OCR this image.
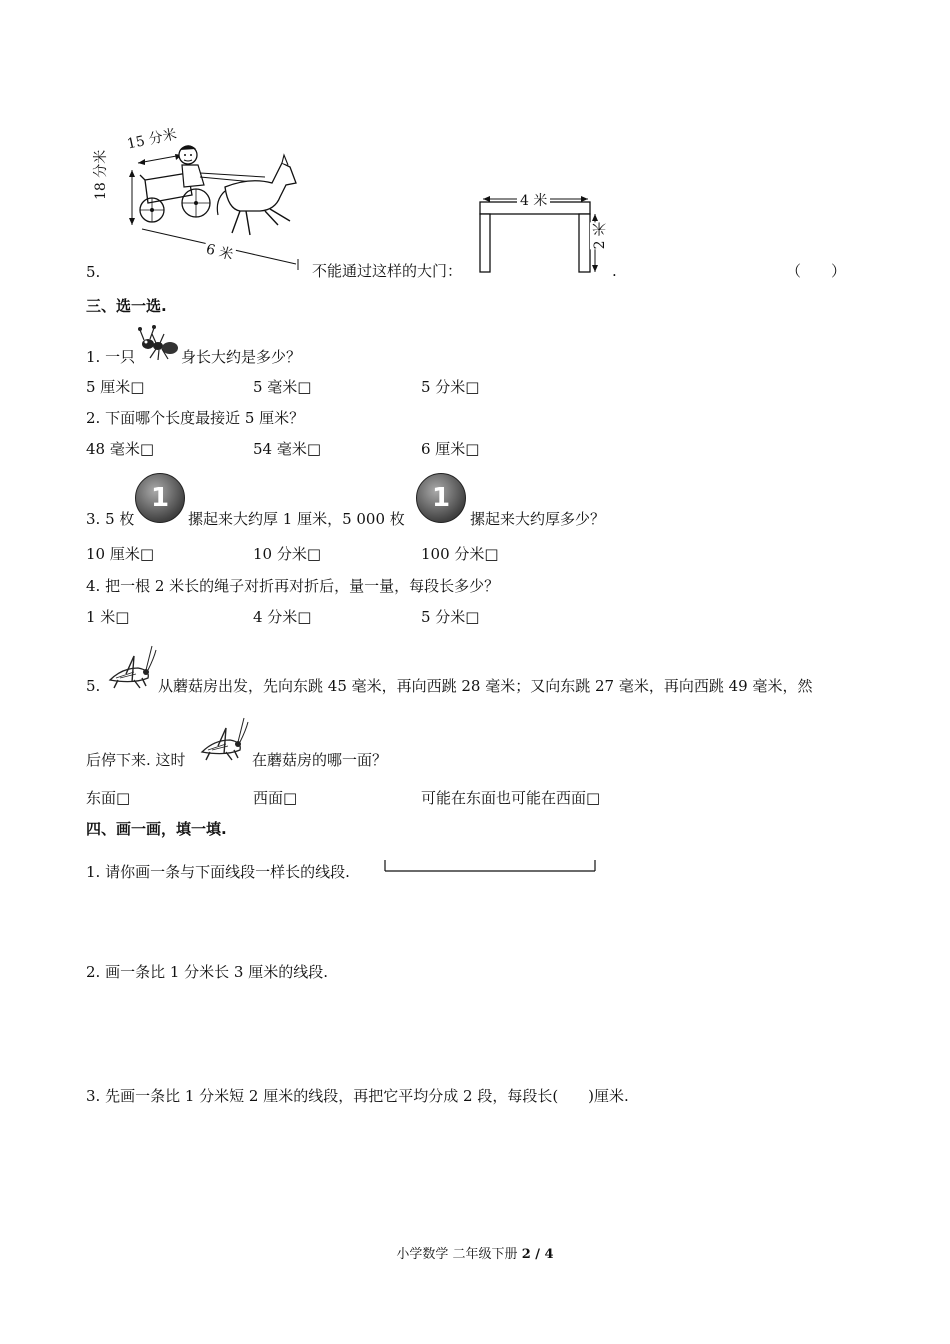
15 分米
18 分米
6 米
5.	不能通过这样的大门：
4 米
2 米
.	（　　）
三、选一选.
1. 一只	身长大约是多少？
5 厘米□	5 毫米□	5 分米□
2. 下面哪个长度最接近 5 厘米？
48 毫米□	54 毫米□	6 厘米□
3. 5 枚
1
摞起来大约厚 1 厘米，5 000 枚
1
摞起来大约厚多少？
10 厘米□	10 分米□	100 分米□
4. 把一根 2 米长的绳子对折再对折后，量一量，每段长多少？
1 米□	4 分米□	5 分米□
5.	从蘑菇房出发，先向东跳 45 毫米，再向西跳 28 毫米；又向东跳 27 毫米，再向西跳 49 毫米，然
后停下来. 这时	在蘑菇房的哪一面？
东面□	西面□	可能在东面也可能在西面□
四、画一画，填一填.
1. 请你画一条与下面线段一样长的线段.
2. 画一条比 1 分米长 3 厘米的线段.
3. 先画一条比 1 分米短 2 厘米的线段，再把它平均分成 2 段，每段长(　　)厘米.
小学数学 二年级下册 2 / 4
